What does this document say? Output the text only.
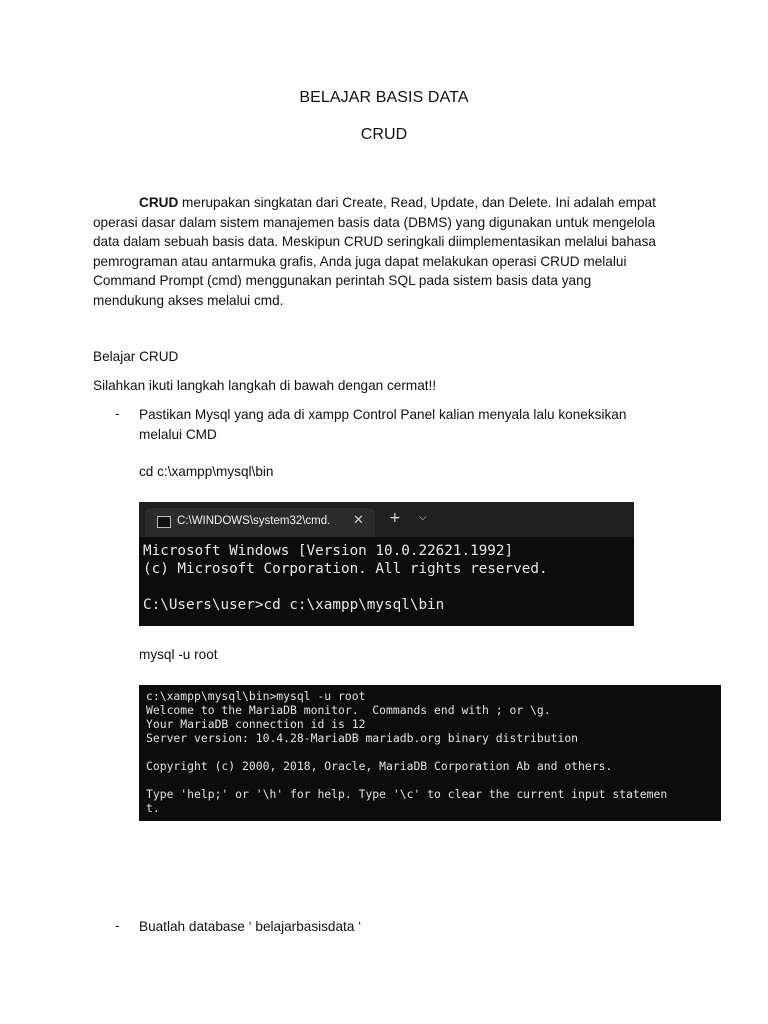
BELAJAR BASIS DATA
CRUD
CRUD merupakan singkatan dari Create, Read, Update, dan Delete. Ini adalah empat
operasi dasar dalam sistem manajemen basis data (DBMS) yang digunakan untuk mengelola
data dalam sebuah basis data. Meskipun CRUD seringkali diimplementasikan melalui bahasa
pemrograman atau antarmuka grafis, Anda juga dapat melakukan operasi CRUD melalui
Command Prompt (cmd) menggunakan perintah SQL pada sistem basis data yang
mendukung akses melalui cmd.
Belajar CRUD
Silahkan ikuti langkah langkah di bawah dengan cermat!!
- Pastikan Mysql yang ada di xampp Control Panel kalian menyala lalu koneksikan
melalui CMD
cd c:\xampp\mysql\bin
C:\WINDOWS\system32\cmd. ✕ + ⌵
Microsoft Windows [Version 10.0.22621.1992]
(c) Microsoft Corporation. All rights reserved.

C:\Users\user>cd c:\xampp\mysql\bin
mysql -u root
c:\xampp\mysql\bin>mysql -u root
Welcome to the MariaDB monitor.  Commands end with ; or \g.
Your MariaDB connection id is 12
Server version: 10.4.28-MariaDB mariadb.org binary distribution

Copyright (c) 2000, 2018, Oracle, MariaDB Corporation Ab and others.

Type 'help;' or '\h' for help. Type '\c' to clear the current input statemen
t.
- Buatlah database ‘ belajarbasisdata ‘
